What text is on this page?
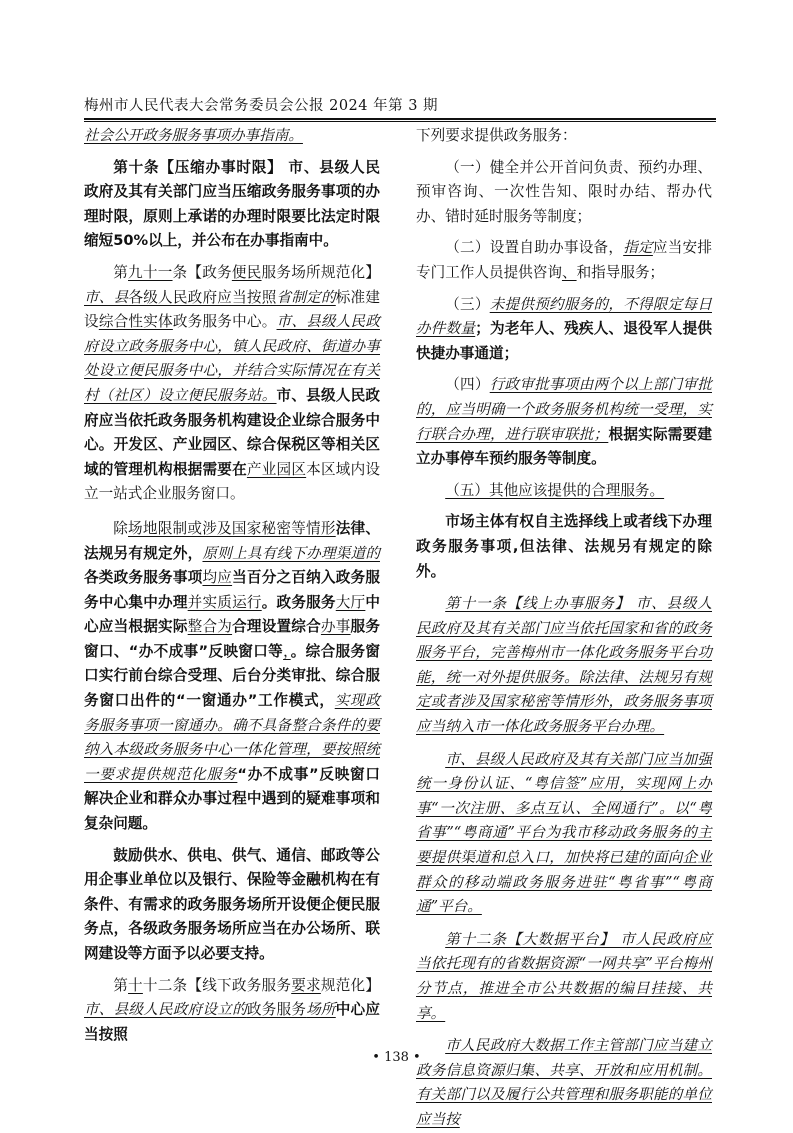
梅州市人民代表大会常务委员会公报 2024 年第 3 期

社会公开政务服务事项办事指南。

第十条【压缩办事时限】 市、县级人民政府及其有关部门应当压缩政务服务事项的办理时限，原则上承诺的办理时限要比法定时限缩短50%以上，并公布在办事指南中。

第九十一条【政务便民服务场所规范化】市、县各级人民政府应当按照省制定的标准建设综合性实体政务服务中心。市、县级人民政府设立政务服务中心，镇人民政府、街道办事处设立便民服务中心，并结合实际情况在有关村（社区）设立便民服务站。市、县级人民政府应当依托政务服务机构建设企业综合服务中心。开发区、产业园区、综合保税区等相关区域的管理机构根据需要在产业园区本区域内设立一站式企业服务窗口。

除场地限制或涉及国家秘密等情形法律、法规另有规定外，原则上具有线下办理渠道的各类政务服务事项均应当百分之百纳入政务服务中心集中办理并实质运行。政务服务大厅中心应当根据实际整合为合理设置综合办事服务窗口、“办不成事”反映窗口等，。综合服务窗口实行前台综合受理、后台分类审批、综合服务窗口出件的“一窗通办”工作模式，实现政务服务事项一窗通办。确不具备整合条件的要纳入本级政务服务中心一体化管理，要按照统一要求提供规范化服务“办不成事”反映窗口解决企业和群众办事过程中遇到的疑难事项和复杂问题。

鼓励供水、供电、供气、通信、邮政等公用企事业单位以及银行、保险等金融机构在有条件、有需求的政务服务场所开设便企便民服务点，各级政务服务场所应当在办公场所、联网建设等方面予以必要支持。

第十十二条【线下政务服务要求规范化】市、县级人民政府设立的政务服务场所中心应当按照

下列要求提供政务服务：

（一）健全并公开首问负责、预约办理、预审咨询、一次性告知、限时办结、帮办代办、错时延时服务等制度；

（二）设置自助办事设备，指定应当安排专门工作人员提供咨询、和指导服务；

（三）未提供预约服务的，不得限定每日办件数量；为老年人、残疾人、退役军人提供快捷办事通道；

（四）行政审批事项由两个以上部门审批的，应当明确一个政务服务机构统一受理，实行联合办理，进行联审联批；根据实际需要建立办事停车预约服务等制度。

（五）其他应该提供的合理服务。

市场主体有权自主选择线上或者线下办理政务服务事项,但法律、法规另有规定的除外。

第十一条【线上办事服务】 市、县级人民政府及其有关部门应当依托国家和省的政务服务平台，完善梅州市一体化政务服务平台功能，统一对外提供服务。除法律、法规另有规定或者涉及国家秘密等情形外，政务服务事项应当纳入市一体化政务服务平台办理。

市、县级人民政府及其有关部门应当加强统一身份认证、“粤信签”应用，实现网上办事“一次注册、多点互认、全网通行”。以“粤省事”“粤商通”平台为我市移动政务服务的主要提供渠道和总入口，加快将已建的面向企业群众的移动端政务服务进驻“粤省事”“粤商通”平台。

第十二条【大数据平台】 市人民政府应当依托现有的省数据资源“一网共享”平台梅州分节点，推进全市公共数据的编目挂接、共享。

市人民政府大数据工作主管部门应当建立政务信息资源归集、共享、开放和应用机制。有关部门以及履行公共管理和服务职能的单位应当按

• 138 •
